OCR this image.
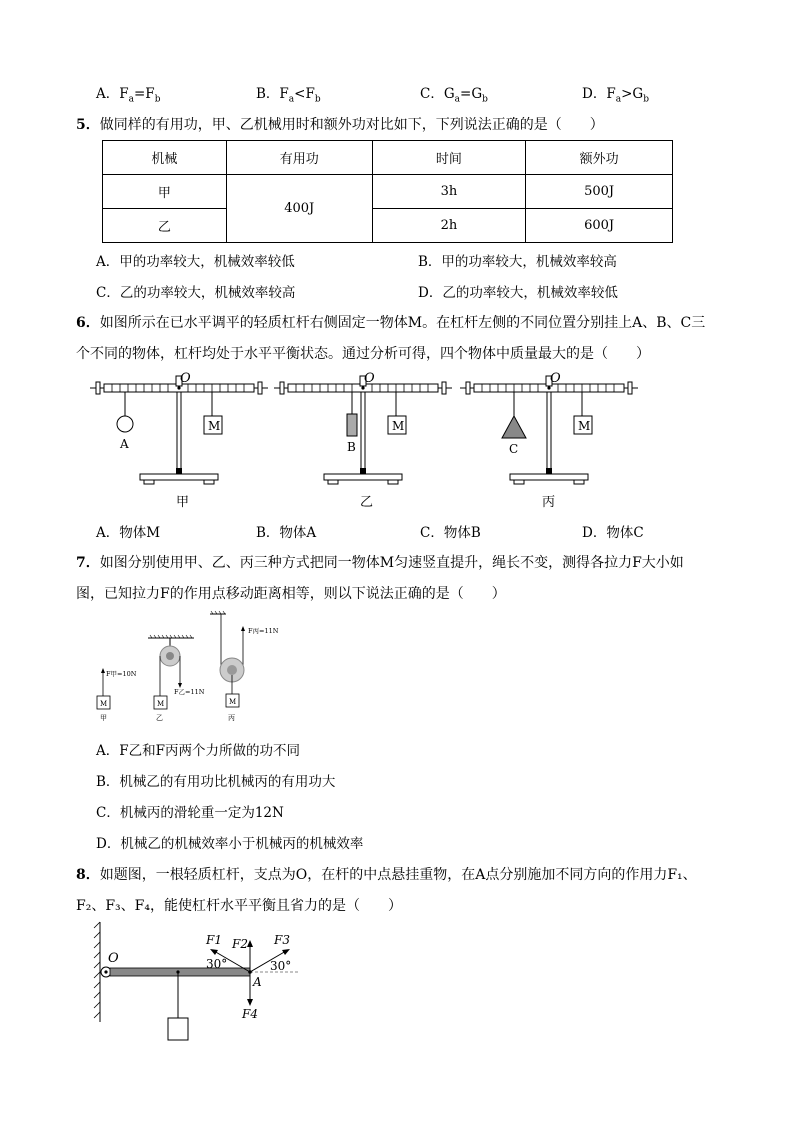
A．$F_a=F_b$	B．$F_a<F_b$	C．$G_a=G_b$	D．$F_a>G_b$
5．做同样的有用功，甲、乙机械用时和额外功对比如下，下列说法正确的是（　　）
机械	有用功	时间	额外功
甲	400J	3h	500J
乙		2h	600J
A．甲的功率较大，机械效率较低	B．甲的功率较大，机械效率较高
C．乙的功率较大，机械效率较高	D．乙的功率较大，机械效率较低
6．如图所示在已水平调平的轻质杠杆右侧固定一物体M。在杠杆左侧的不同位置分别挂上A、B、C三
个不同的物体，杠杆均处于水平平衡状态。通过分析可得，四个物体中质量最大的是（　　）
O
M
A
甲
O
M
B
乙
O
M
C
丙
A．物体M	B．物体A	C．物体B	D．物体C
7．如图分别使用甲、乙、丙三种方式把同一物体M匀速竖直提升，绳长不变，测得各拉力F大小如
图，已知拉力F的作用点移动距离相等，则以下说法正确的是（　　）
F甲=10N
M
甲
F乙=11N
M
乙
F丙=11N
M
丙
A．F乙和F丙两个力所做的功不同
B．机械乙的有用功比机械丙的有用功大
C．机械丙的滑轮重一定为12N
D．机械乙的机械效率小于机械丙的机械效率
8．如题图，一根轻质杠杆，支点为O，在杆的中点悬挂重物，在A点分别施加不同方向的作用力F₁、
F₂、F₃、F₄，能使杠杆水平平衡且省力的是（　　）
O
A
F1 F2 F3
F4
30°	30°
